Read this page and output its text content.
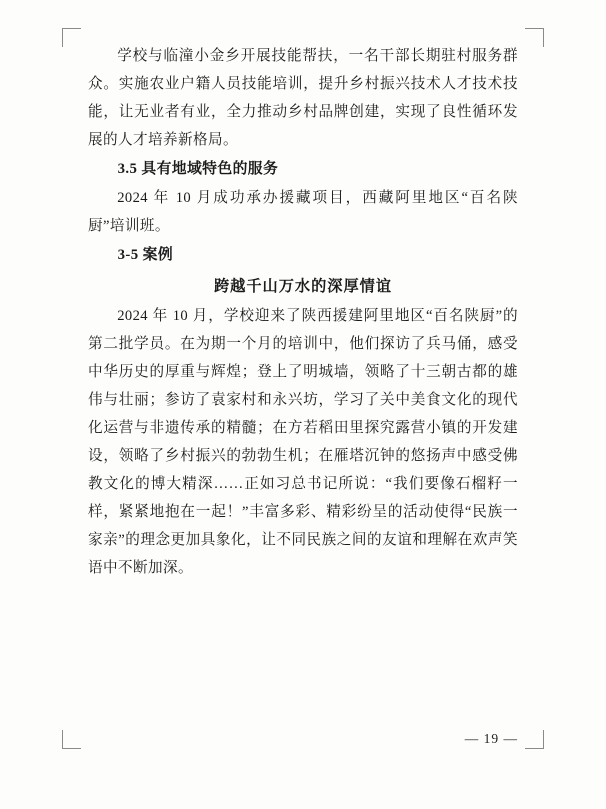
学校与临潼小金乡开展技能帮扶，一名干部长期驻村服务群众。实施农业户籍人员技能培训，提升乡村振兴技术人才技术技能，让无业者有业，全力推动乡村品牌创建，实现了良性循环发展的人才培养新格局。

3.5 具有地域特色的服务

2024 年 10 月成功承办援藏项目，西藏阿里地区“百名陕厨”培训班。

3-5 案例
跨越千山万水的深厚情谊

2024 年 10 月，学校迎来了陕西援建阿里地区“百名陕厨”的第二批学员。在为期一个月的培训中，他们探访了兵马俑，感受中华历史的厚重与辉煌；登上了明城墙，领略了十三朝古都的雄伟与壮丽；参访了袁家村和永兴坊，学习了关中美食文化的现代化运营与非遗传承的精髓；在方若稻田里探究露营小镇的开发建设，领略了乡村振兴的勃勃生机；在雁塔沉钟的悠扬声中感受佛教文化的博大精深……正如习总书记所说：“我们要像石榴籽一样，紧紧地抱在一起！”丰富多彩、精彩纷呈的活动使得“民族一家亲”的理念更加具象化，让不同民族之间的友谊和理解在欢声笑语中不断加深。

— 19 —
